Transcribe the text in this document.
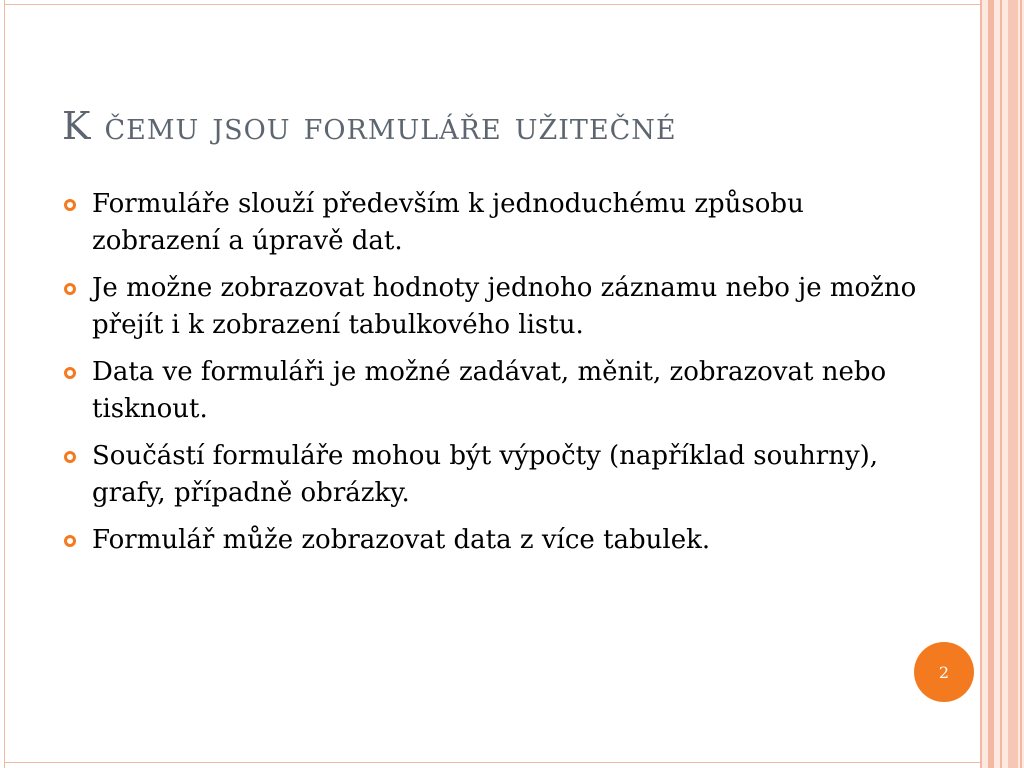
K čemu jsou formuláře užitečné
Formuláře slouží především k jednoduchému způsobu zobrazení a úpravě dat.
Je možne zobrazovat hodnoty jednoho záznamu nebo je možno přejít i k zobrazení tabulkového listu.
Data ve formuláři je možné zadávat, měnit, zobrazovat nebo tisknout.
Součástí formuláře mohou být výpočty (například souhrny), grafy, případně obrázky.
Formulář může zobrazovat data z více tabulek.
2
